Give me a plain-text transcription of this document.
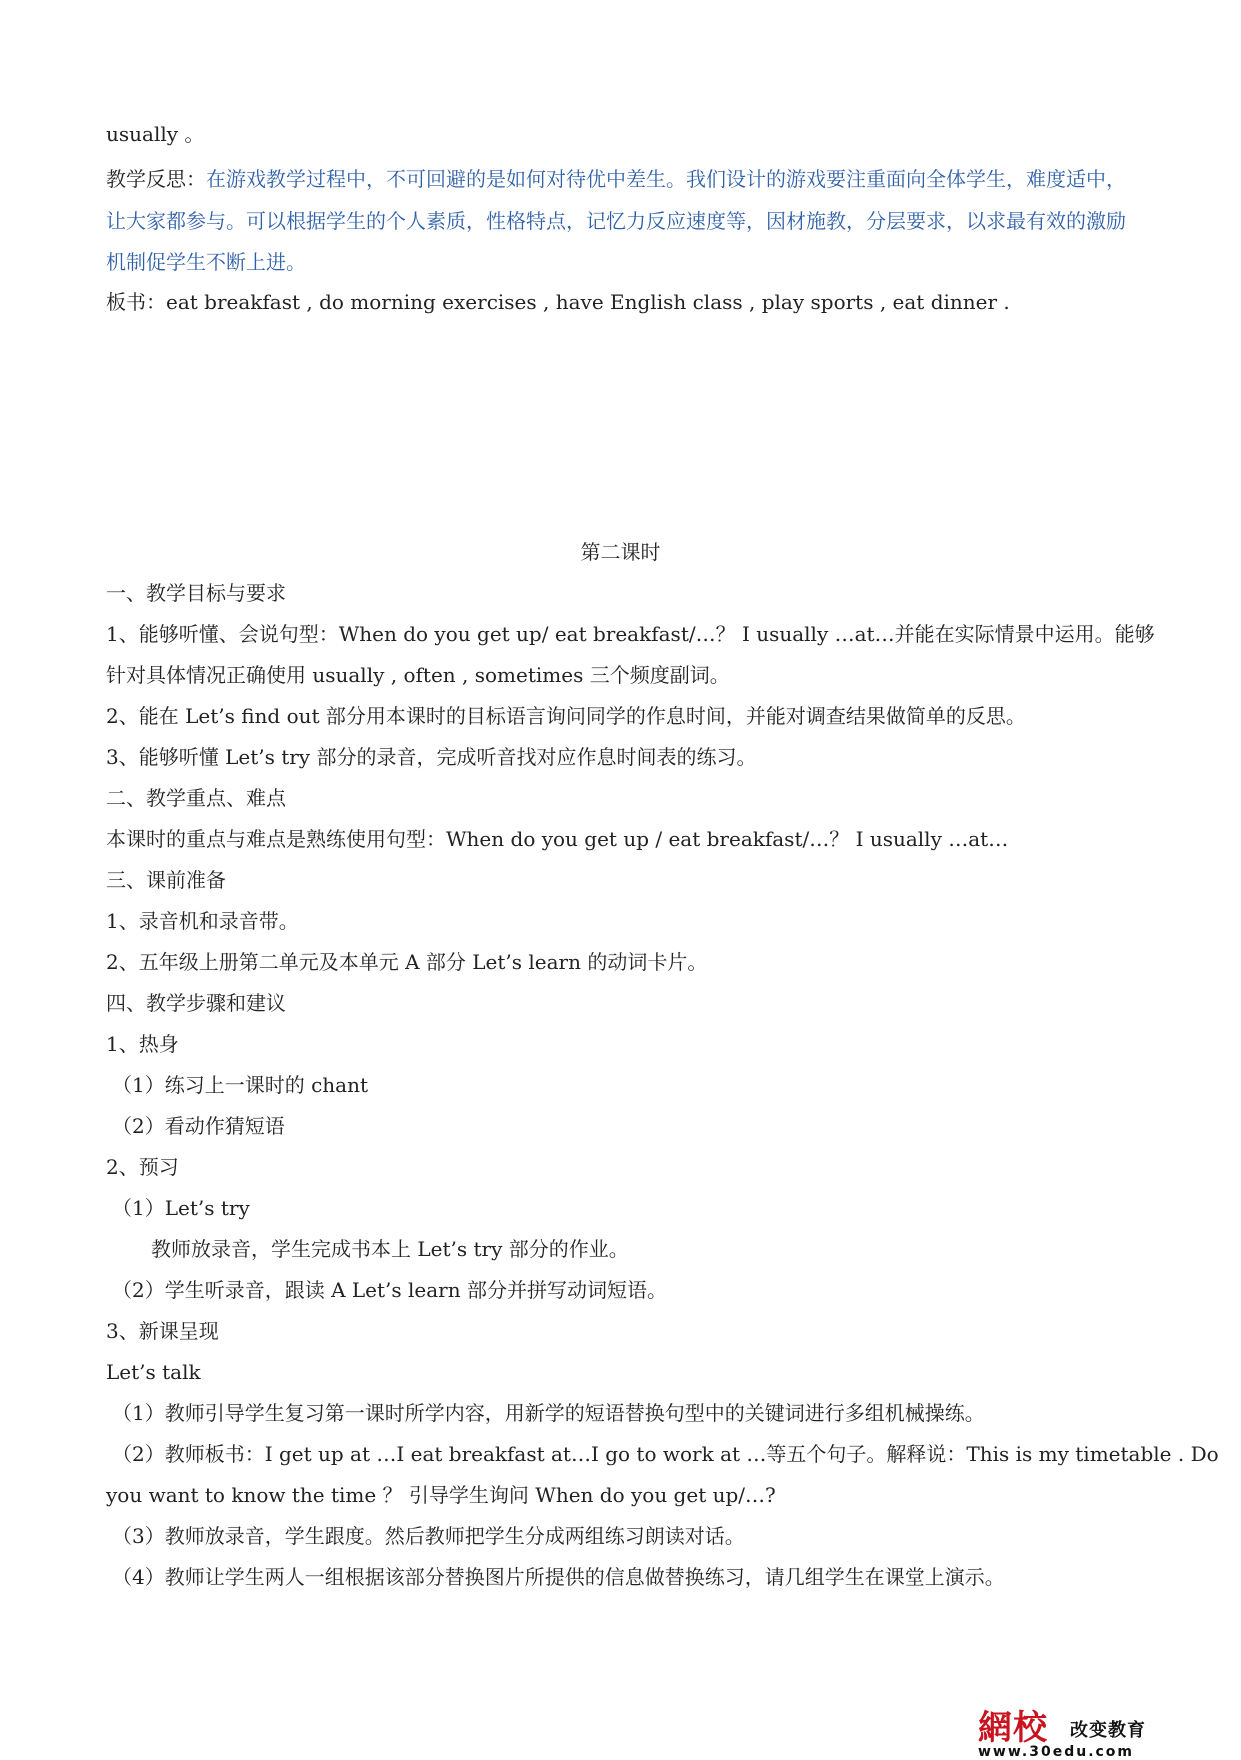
usually 。
教学反思：在游戏教学过程中，不可回避的是如何对待优中差生。我们设计的游戏要注重面向全体学生，难度适中，让大家都参与。可以根据学生的个人素质，性格特点，记忆力反应速度等，因材施教，分层要求，以求最有效的激励机制促学生不断上进。
板书：eat breakfast , do morning exercises , have English class , play sports , eat dinner .
第二课时
一、教学目标与要求
1、能够听懂、会说句型：When do you get up/ eat breakfast/…？ I usually …at…并能在实际情景中运用。能够
针对具体情况正确使用 usually , often , sometimes 三个频度副词。
2、能在 Let’s find out 部分用本课时的目标语言询问同学的作息时间，并能对调查结果做简单的反思。
3、能够听懂 Let’s try 部分的录音，完成听音找对应作息时间表的练习。
二、教学重点、难点
本课时的重点与难点是熟练使用句型：When do you get up / eat breakfast/…？ I usually …at…
三、课前准备
1、录音机和录音带。
2、五年级上册第二单元及本单元 A 部分 Let’s learn 的动词卡片。
四、教学步骤和建议
1、热身
（1）练习上一课时的 chant
（2）看动作猜短语
2、预习
（1）Let’s try
教师放录音，学生完成书本上 Let’s try 部分的作业。
（2）学生听录音，跟读 A Let’s learn 部分并拼写动词短语。
3、新课呈现
Let’s talk
（1）教师引导学生复习第一课时所学内容，用新学的短语替换句型中的关键词进行多组机械操练。
（2）教师板书：I get up at …I eat breakfast at…I go to work at …等五个句子。解释说：This is my timetable . Do
you want to know the time ？ 引导学生询问 When do you get up/…?
（3）教师放录音，学生跟度。然后教师把学生分成两组练习朗读对话。
（4）教师让学生两人一组根据该部分替换图片所提供的信息做替换练习，请几组学生在课堂上演示。
網校 改变教育
www.30edu.com
